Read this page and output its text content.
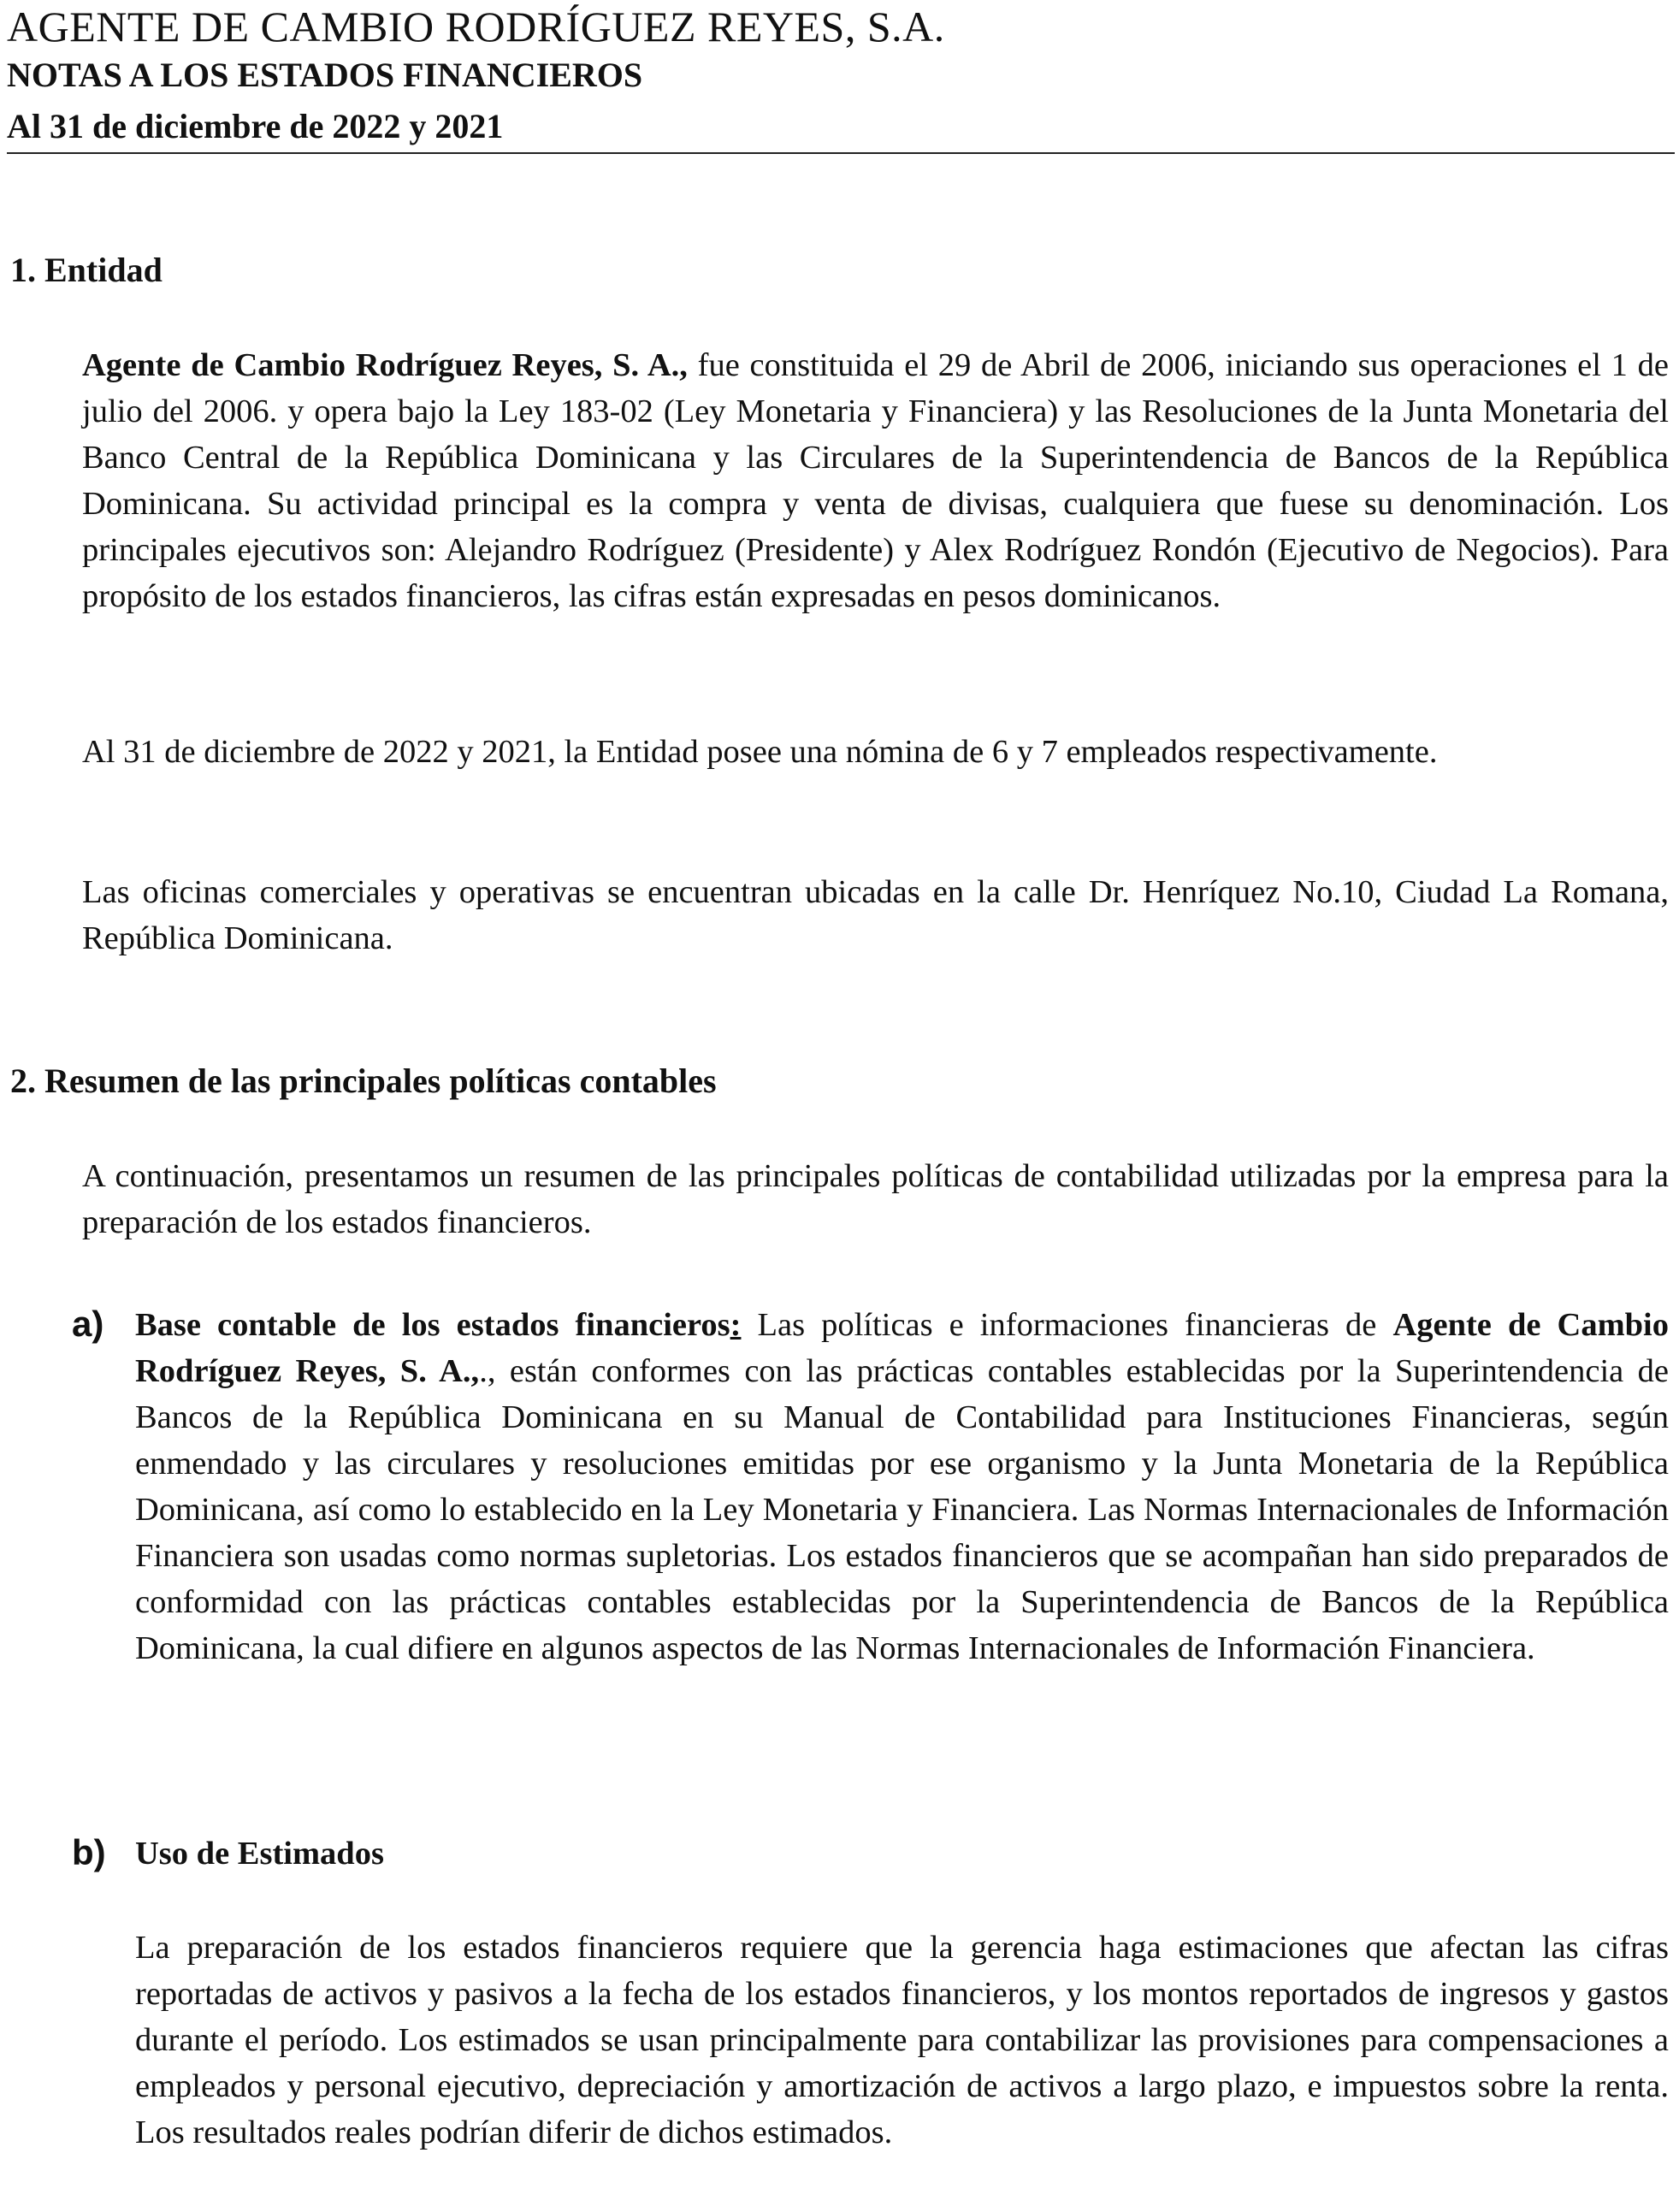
AGENTE DE CAMBIO RODRÍGUEZ REYES, S.A.
NOTAS A LOS ESTADOS FINANCIEROS
Al 31 de diciembre de 2022 y 2021
1. Entidad

Agente de Cambio Rodríguez Reyes, S. A., fue constituida el 29 de Abril de 2006, iniciando sus operaciones el 1 de julio del 2006. y opera bajo la Ley 183-02 (Ley Monetaria y Financiera) y las Resoluciones de la Junta Monetaria del Banco Central de la República Dominicana y las Circulares de la Superintendencia de Bancos de la República Dominicana. Su actividad principal es la compra y venta de divisas, cualquiera que fuese su denominación. Los principales ejecutivos son: Alejandro Rodríguez (Presidente) y Alex Rodríguez Rondón (Ejecutivo de Negocios). Para propósito de los estados financieros, las cifras están expresadas en pesos dominicanos.

Al 31 de diciembre de 2022 y 2021, la Entidad posee una nómina de 6 y 7 empleados respectivamente.

Las oficinas comerciales y operativas se encuentran ubicadas en la calle Dr. Henríquez No.10, Ciudad La Romana, República Dominicana.

2. Resumen de las principales políticas contables

A continuación, presentamos un resumen de las principales políticas de contabilidad utilizadas por la empresa para la preparación de los estados financieros.

a) Base contable de los estados financieros: Las políticas e informaciones financieras de Agente de Cambio Rodríguez Reyes, S. A.,., están conformes con las prácticas contables establecidas por la Superintendencia de Bancos de la República Dominicana en su Manual de Contabilidad para Instituciones Financieras, según enmendado y las circulares y resoluciones emitidas por ese organismo y la Junta Monetaria de la República Dominicana, así como lo establecido en la Ley Monetaria y Financiera. Las Normas Internacionales de Información Financiera son usadas como normas supletorias. Los estados financieros que se acompañan han sido preparados de conformidad con las prácticas contables establecidas por la Superintendencia de Bancos de la República Dominicana, la cual difiere en algunos aspectos de las Normas Internacionales de Información Financiera.

b) Uso de Estimados

La preparación de los estados financieros requiere que la gerencia haga estimaciones que afectan las cifras reportadas de activos y pasivos a la fecha de los estados financieros, y los montos reportados de ingresos y gastos durante el período. Los estimados se usan principalmente para contabilizar las provisiones para compensaciones a empleados y personal ejecutivo, depreciación y amortización de activos a largo plazo, e impuestos sobre la renta. Los resultados reales podrían diferir de dichos estimados.
